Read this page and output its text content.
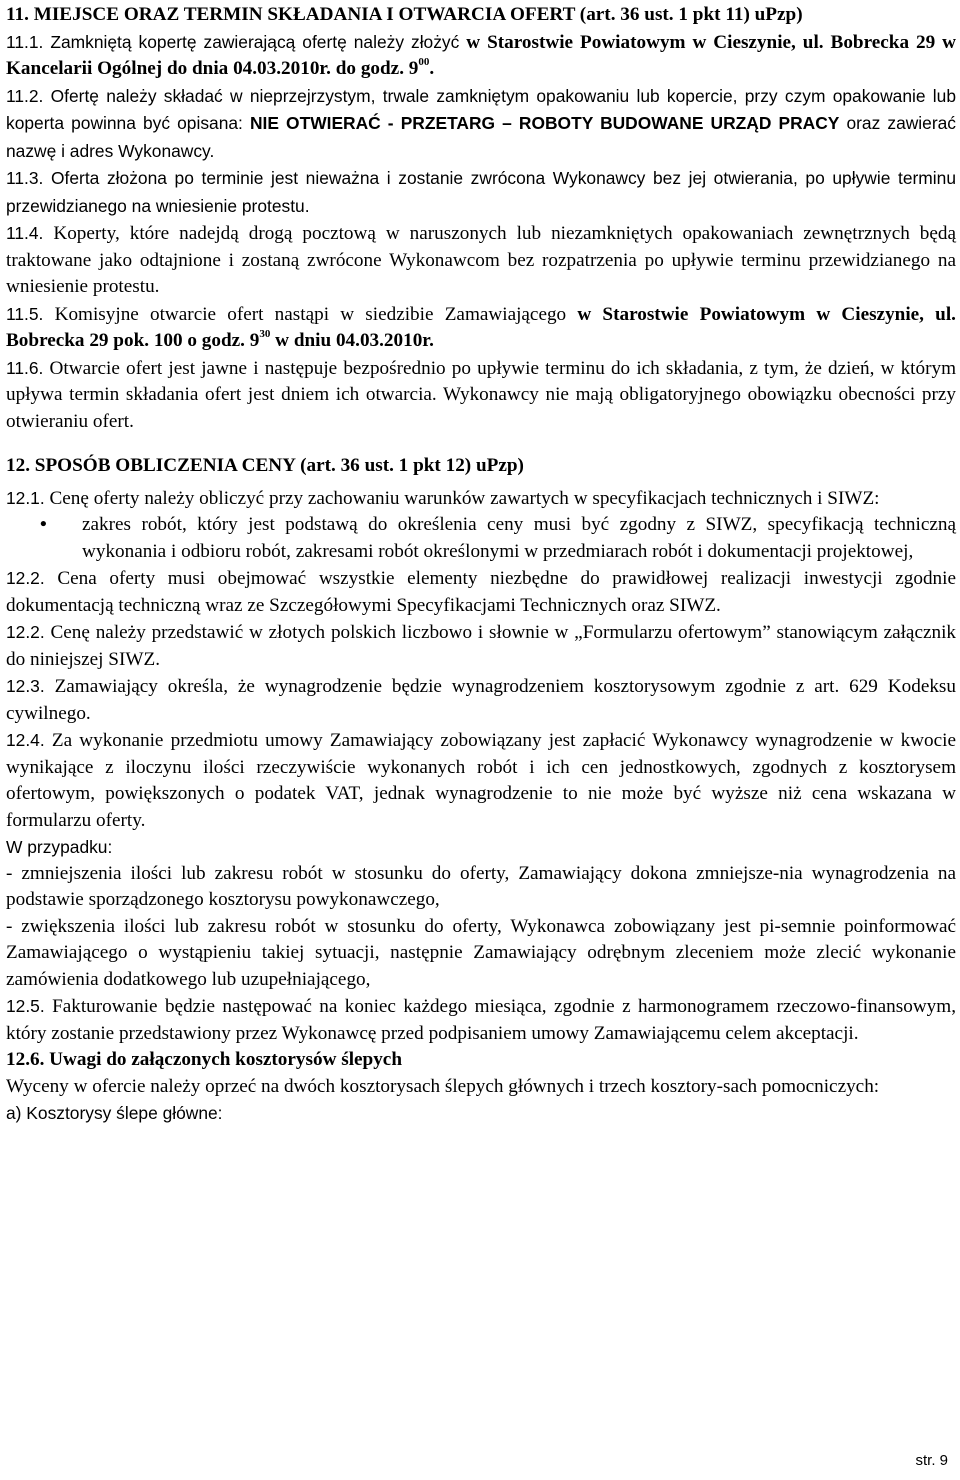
11. MIEJSCE ORAZ TERMIN SKŁADANIA I OTWARCIA OFERT (art. 36 ust. 1 pkt 11) uPzp)

11.1. Zamkniętą kopertę zawierającą ofertę należy złożyć w Starostwie Powiatowym w Cieszynie, ul. Bobrecka 29 w Kancelarii Ogólnej do dnia 04.03.2010r. do godz. $9^{00}$.

11.2. Ofertę należy składać w nieprzejrzystym, trwale zamkniętym opakowaniu lub kopercie, przy czym opakowanie lub koperta powinna być opisana: NIE OTWIERAĆ - PRZETARG – ROBOTY BUDOWANE URZĄD PRACY oraz zawierać nazwę i adres Wykonawcy.

11.3. Oferta złożona po terminie jest nieważna i zostanie zwrócona Wykonawcy bez jej otwierania, po upływie terminu przewidzianego na wniesienie protestu.

11.4. Koperty, które nadejdą drogą pocztową w naruszonych lub niezamkniętych opakowaniach zewnętrznych będą traktowane jako odtajnione i zostaną zwrócone Wykonawcom bez rozpatrzenia po upływie terminu przewidzianego na wniesienie protestu.

11.5. Komisyjne otwarcie ofert nastąpi w siedzibie Zamawiającego w Starostwie Powiatowym w Cieszynie, ul. Bobrecka 29 pok. 100 o godz. $9^{30}$ w dniu 04.03.2010r.

11.6. Otwarcie ofert jest jawne i następuje bezpośrednio po upływie terminu do ich składania, z tym, że dzień, w którym upływa termin składania ofert jest dniem ich otwarcia. Wykonawcy nie mają obligatoryjnego obowiązku obecności przy otwieraniu ofert.

12. SPOSÓB OBLICZENIA CENY (art. 36 ust. 1 pkt 12) uPzp)

12.1. Cenę oferty należy obliczyć przy zachowaniu warunków zawartych w specyfikacjach technicznych i SIWZ:

• zakres robót, który jest podstawą do określenia ceny musi być zgodny z SIWZ, specyfikacją techniczną wykonania i odbioru robót, zakresami robót określonymi w przedmiarach robót i dokumentacji projektowej,

12.2. Cena oferty musi obejmować wszystkie elementy niezbędne do prawidłowej realizacji inwestycji zgodnie dokumentacją techniczną wraz ze Szczegółowymi Specyfikacjami Technicznych oraz SIWZ.

12.2. Cenę należy przedstawić w złotych polskich liczbowo i słownie w „Formularzu ofertowym” stanowiącym załącznik do niniejszej SIWZ.

12.3. Zamawiający określa, że wynagrodzenie będzie wynagrodzeniem kosztorysowym zgodnie z art. 629 Kodeksu cywilnego.

12.4. Za wykonanie przedmiotu umowy Zamawiający zobowiązany jest zapłacić Wykonawcy wynagrodzenie w kwocie wynikające z iloczynu ilości rzeczywiście wykonanych robót i ich cen jednostkowych, zgodnych z kosztorysem ofertowym, powiększonych o podatek VAT, jednak wynagrodzenie to nie może być wyższe niż cena wskazana w formularzu oferty.

W przypadku:

- zmniejszenia ilości lub zakresu robót w stosunku do oferty, Zamawiający dokona zmniejsze-nia wynagrodzenia na podstawie sporządzonego kosztorysu powykonawczego,

- zwiększenia ilości lub zakresu robót w stosunku do oferty, Wykonawca zobowiązany jest pi-semnie poinformować Zamawiającego o wystąpieniu takiej sytuacji, następnie Zamawiający odrębnym zleceniem może zlecić wykonanie zamówienia dodatkowego lub uzupełniającego,

12.5. Fakturowanie będzie następować na koniec każdego miesiąca, zgodnie z harmonogramem rzeczowo-finansowym, który zostanie przedstawiony przez Wykonawcę przed podpisaniem umowy Zamawiającemu celem akceptacji.

12.6. Uwagi do załączonych kosztorysów ślepych

Wyceny w ofercie należy oprzeć na dwóch kosztorysach ślepych głównych i trzech kosztory-sach pomocniczych:

a) Kosztorysy ślepe główne:

str. 9
